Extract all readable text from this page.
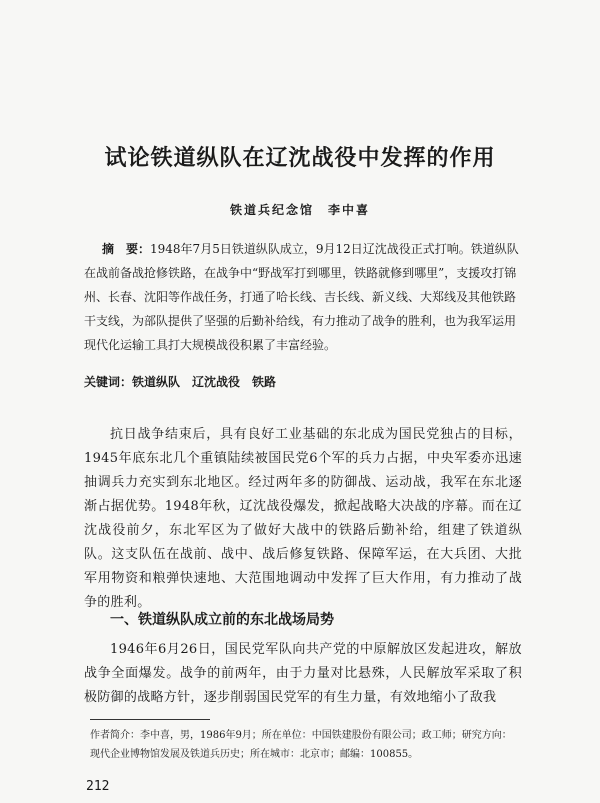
试论铁道纵队在辽沈战役中发挥的作用
铁道兵纪念馆　李中喜
摘　要：1948年7月5日铁道纵队成立，9月12日辽沈战役正式打响。铁道纵队在战前备战抢修铁路，在战争中“野战军打到哪里，铁路就修到哪里”，支援攻打锦州、长春、沈阳等作战任务，打通了哈长线、吉长线、新义线、大郑线及其他铁路干支线，为部队提供了坚强的后勤补给线，有力推动了战争的胜利，也为我军运用现代化运输工具打大规模战役积累了丰富经验。
关键词：铁道纵队　辽沈战役　铁路
抗日战争结束后，具有良好工业基础的东北成为国民党独占的目标，1945年底东北几个重镇陆续被国民党6个军的兵力占据，中央军委亦迅速抽调兵力充实到东北地区。经过两年多的防御战、运动战，我军在东北逐渐占据优势。1948年秋，辽沈战役爆发，掀起战略大决战的序幕。而在辽沈战役前夕，东北军区为了做好大战中的铁路后勤补给，组建了铁道纵队。这支队伍在战前、战中、战后修复铁路、保障军运，在大兵团、大批军用物资和粮弹快速地、大范围地调动中发挥了巨大作用，有力推动了战争的胜利。
一、铁道纵队成立前的东北战场局势
1946年6月26日，国民党军队向共产党的中原解放区发起进攻，解放战争全面爆发。战争的前两年，由于力量对比悬殊，人民解放军采取了积极防御的战略方针，逐步削弱国民党军的有生力量，有效地缩小了敌我
作者简介：李中喜，男，1986年9月；所在单位：中国铁建股份有限公司；政工师；研究方向：现代企业博物馆发展及铁道兵历史；所在城市：北京市；邮编：100855。
212
